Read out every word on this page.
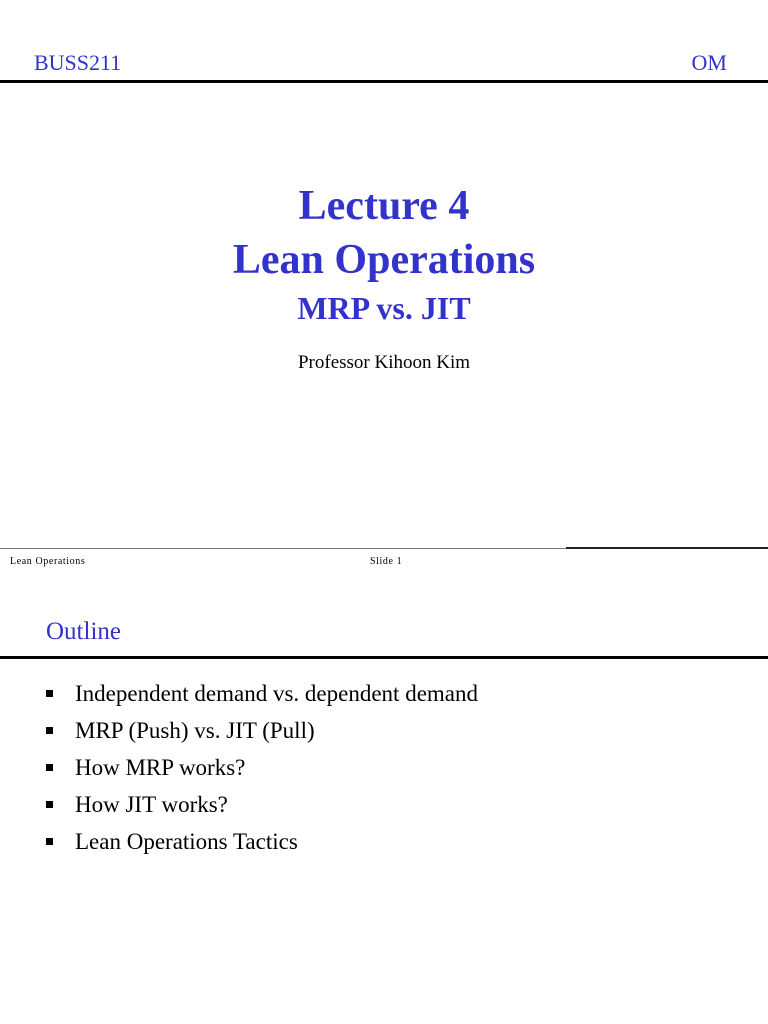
BUSS211	OM
Lecture 4
Lean Operations
MRP vs. JIT
Professor Kihoon Kim
Lean Operations	Slide 1
Outline
Independent demand vs. dependent demand
MRP (Push) vs. JIT (Pull)
How MRP works?
How JIT works?
Lean Operations Tactics
